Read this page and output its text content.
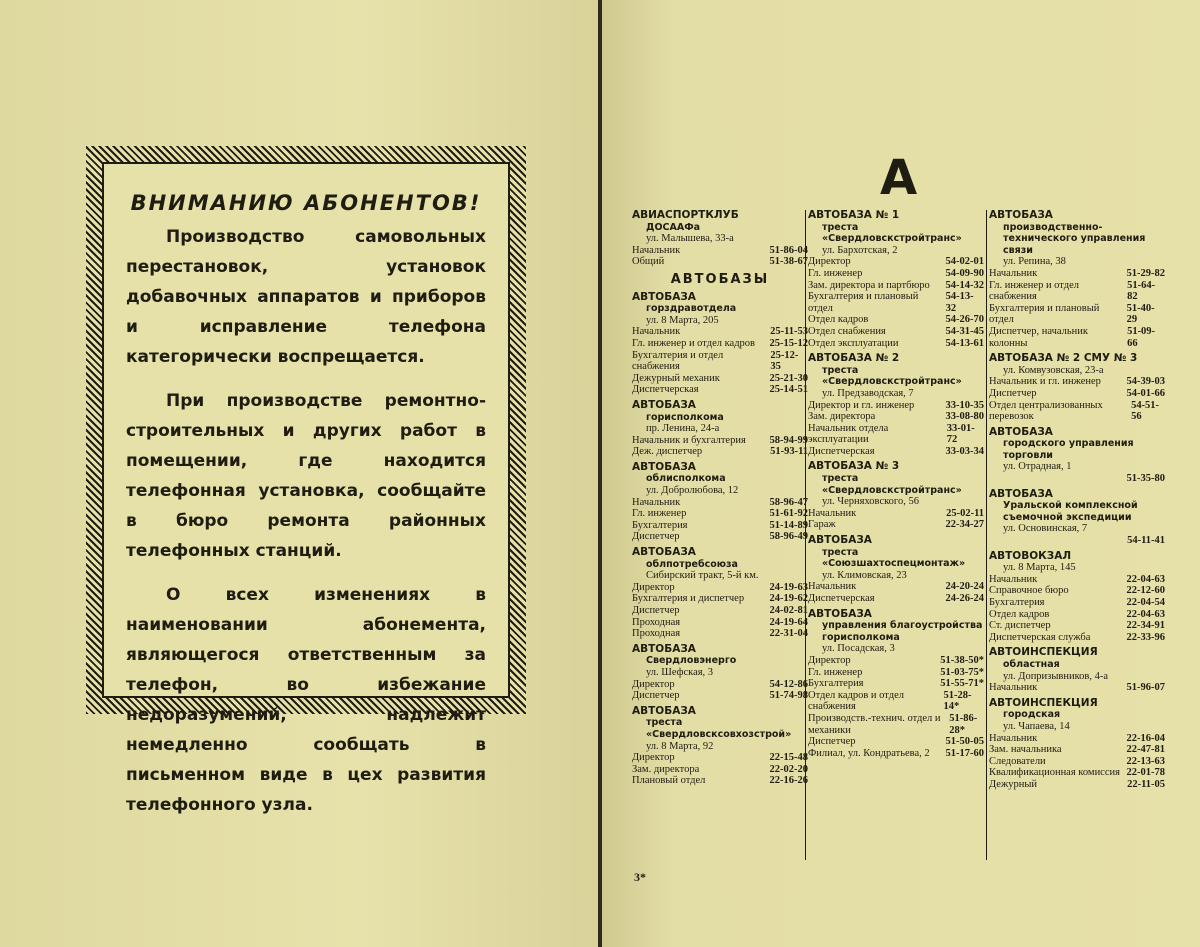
ВНИМАНИЮ АБОНЕНТОВ!

Производство самовольных перестановок, установок добавочных аппаратов и приборов и исправление телефона категорически воспрещается.

При производстве ремонтно-строительных и других работ в помещении, где находится телефонная установка, сообщайте в бюро ремонта районных телефонных станций.

О всех изменениях в наименовании абонемента, являющегося ответственным за телефон, во избежание недоразумений, надлежит немедленно сообщать в письменном виде в цех развития телефонного узла.

А
АВИАСПОРТКЛУБ
ДОСААФа
ул. Малышева, 33-а
Начальник	51-86-04
Общий	51-38-67
АВТОБАЗЫ
АВТОБАЗА
горздравотдела
ул. 8 Марта, 205
Начальник	25-11-53
Гл. инженер и отдел кадров 25-15-12
Бухгалтерия и отдел снабжения
25-12-35
Дежурный механик	25-21-30
Диспетчерская	25-14-51
АВТОБАЗА
горисполкома
пр. Ленина, 24-а
Начальник и бухгалтерия 58-94-99
Деж. диспетчер	51-93-11
АВТОБАЗА
облисполкома
ул. Добролюбова, 12
Начальник	58-96-47
Гл. инженер	51-61-92
Бухгалтерия	51-14-89
Диспетчер	58-96-49
АВТОБАЗА
облпотребсоюза
Сибирский тракт, 5-й км.
Директор	24-19-63
Бухгалтерия и диспетчер 24-19-62
Диспетчер	24-02-81
Проходная	24-19-64
Проходная	22-31-04
АВТОБАЗА
Свердловэнерго
ул. Шефская, 3
Директор	54-12-86
Диспетчер	51-74-98
АВТОБАЗА
треста «Свердловсксовхозстрой»
ул. 8 Марта, 92
Директор	22-15-48
Зам. директора	22-02-20
Плановый отдел	22-16-26
АВТОБАЗА № 1
треста «Свердловскстройтранс»
ул. Бархотская, 2
Директор	54-02-01
Гл. инженер	54-09-90
Зам. директора и партбюро 54-14-32
Бухгалтерия и плановый отдел
54-13-32
Отдел кадров	54-26-70
Отдел снабжения	54-31-45
Отдел эксплуатации	54-13-61
АВТОБАЗА № 2
треста «Свердловскстройтранс»
ул. Предзаводская, 7
Директор и гл. инженер	33-10-35
Зам. директора	33-08-80
Начальник отдела эксплуатации
33-01-72
Диспетчерская	33-03-34
АВТОБАЗА № 3
треста «Свердловскстройтранс»
ул. Черняховского, 56
Начальник	25-02-11
Гараж	22-34-27
АВТОБАЗА
треста «Союзшахтоспецмонтаж»
ул. Климовская, 23
Начальник	24-20-24
Диспетчерская	24-26-24
АВТОБАЗА
управления благоустройства горисполкома
ул. Посадская, 3
Директор	51-38-50*
Гл. инженер	51-03-75*
Бухгалтерия	51-55-71*
Отдел кадров и отдел снабжения
51-28-14*
Производств.-технич. отдел и механики
51-86-28*
Диспетчер	51-50-05
Филиал, ул. Кондратьева, 2 51-17-60
АВТОБАЗА
производственно-технического управления связи
ул. Репина, 38
Начальник	51-29-82
Гл. инженер и отдел снабжения
51-64-82
Бухгалтерия и плановый отдел
51-40-29
Диспетчер, начальник колонны
51-09-66
АВТОБАЗА № 2 СМУ № 3
ул. Комвузовская, 23-а
Начальник и гл. инженер 54-39-03
Диспетчер	54-01-66
Отдел централизованных перевозок
54-51-56
АВТОБАЗА
городского управления торговли
ул. Отрадная, 1
51-35-80
АВТОБАЗА
Уральской комплексной съемочной экспедиции
ул. Основинская, 7
54-11-41
АВТОВОКЗАЛ
ул. 8 Марта, 145
Начальник	22-04-63
Справочное бюро	22-12-60
Бухгалтерия	22-04-54
Отдел кадров	22-04-63
Ст. диспетчер	22-34-91
Диспетчерская служба	22-33-96
АВТОИНСПЕКЦИЯ
областная
ул. Допризывников, 4-а
Начальник	51-96-07
АВТОИНСПЕКЦИЯ
городская
ул. Чапаева, 14
Начальник	22-16-04
Зам. начальника	22-47-81
Следователи	22-13-63
Квалификационная комиссия 22-01-78
Дежурный	22-11-05
3*
